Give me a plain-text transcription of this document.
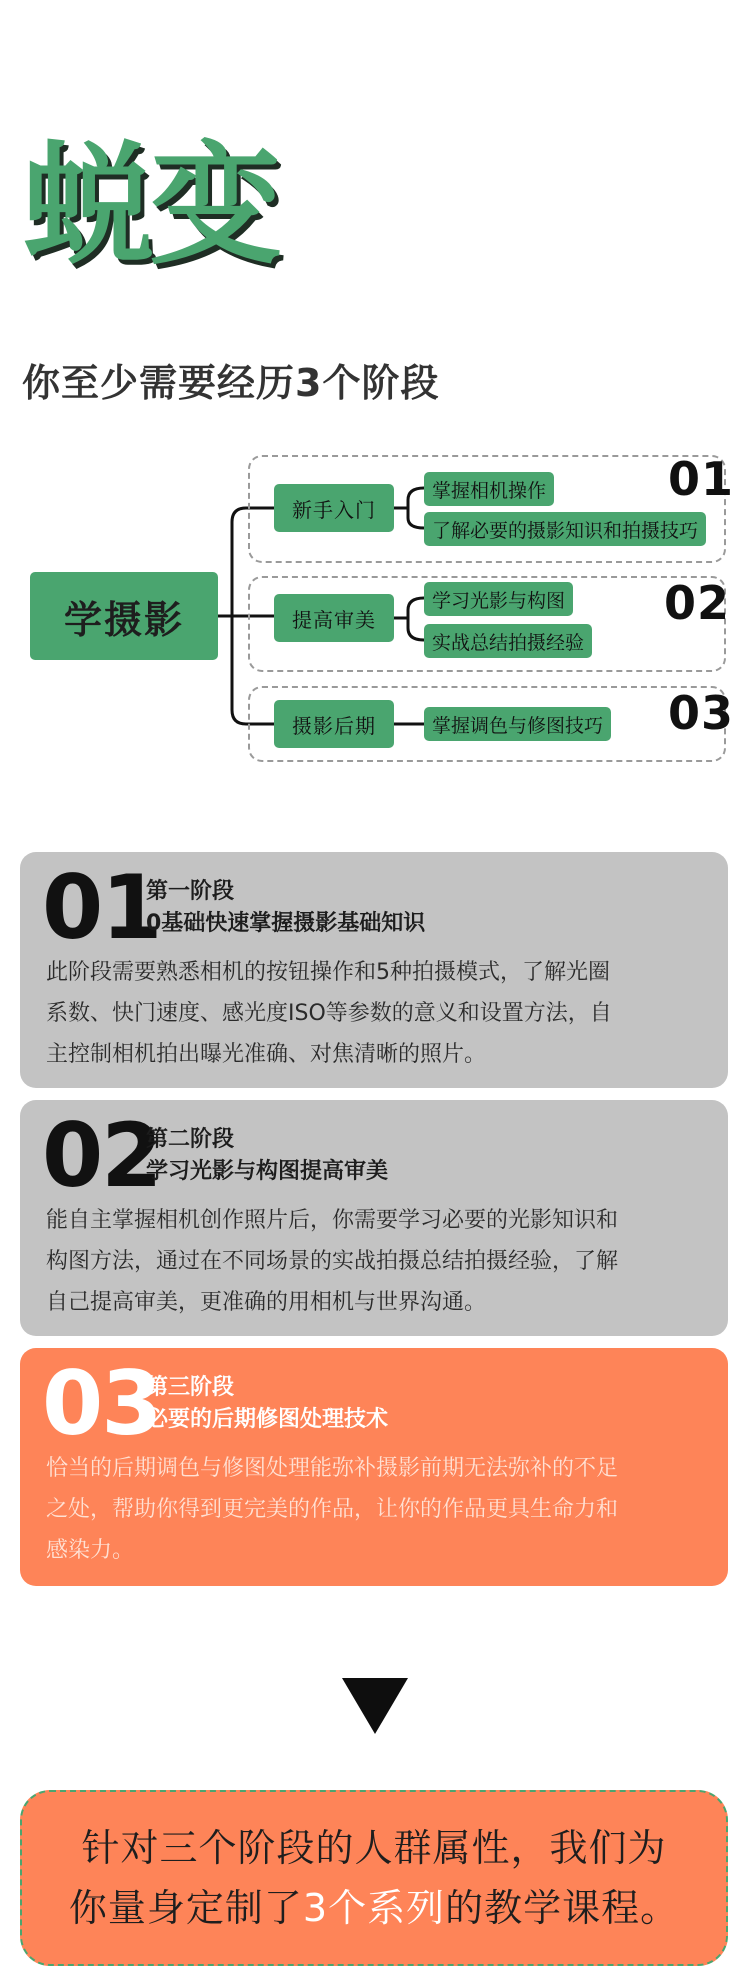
蜕变
你至少需要经历3个阶段
学摄影
01
新手入门
掌握相机操作
了解必要的摄影知识和拍摄技巧
02
提高审美
学习光影与构图
实战总结拍摄经验
03
摄影后期	掌握调色与修图技巧
01
第一阶段
0基础快速掌握摄影基础知识
此阶段需要熟悉相机的按钮操作和5种拍摄模式，了解光圈
系数、快门速度、感光度ISO等参数的意义和设置方法，自
主控制相机拍出曝光准确、对焦清晰的照片。
02
第二阶段
学习光影与构图提高审美
能自主掌握相机创作照片后，你需要学习必要的光影知识和
构图方法，通过在不同场景的实战拍摄总结拍摄经验，了解
自己提高审美，更准确的用相机与世界沟通。
03
第三阶段
必要的后期修图处理技术
恰当的后期调色与修图处理能弥补摄影前期无法弥补的不足
之处，帮助你得到更完美的作品，让你的作品更具生命力和
感染力。
针对三个阶段的人群属性，我们为
你量身定制了3个系列的教学课程。
